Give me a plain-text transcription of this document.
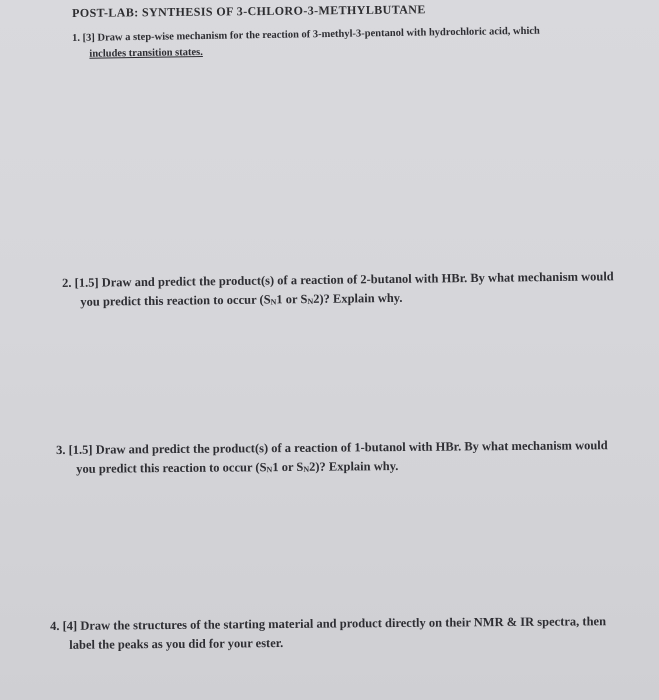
POST-LAB: SYNTHESIS OF 3-CHLORO-3-METHYLBUTANE
1. [3] Draw a step-wise mechanism for the reaction of 3-methyl-3-pentanol with hydrochloric acid, which
includes transition states.
2. [1.5] Draw and predict the product(s) of a reaction of 2-butanol with HBr. By what mechanism would
you predict this reaction to occur (SN1 or SN2)? Explain why.
3. [1.5] Draw and predict the product(s) of a reaction of 1-butanol with HBr. By what mechanism would
you predict this reaction to occur (SN1 or SN2)? Explain why.
4. [4] Draw the structures of the starting material and product directly on their NMR & IR spectra, then
label the peaks as you did for your ester.
